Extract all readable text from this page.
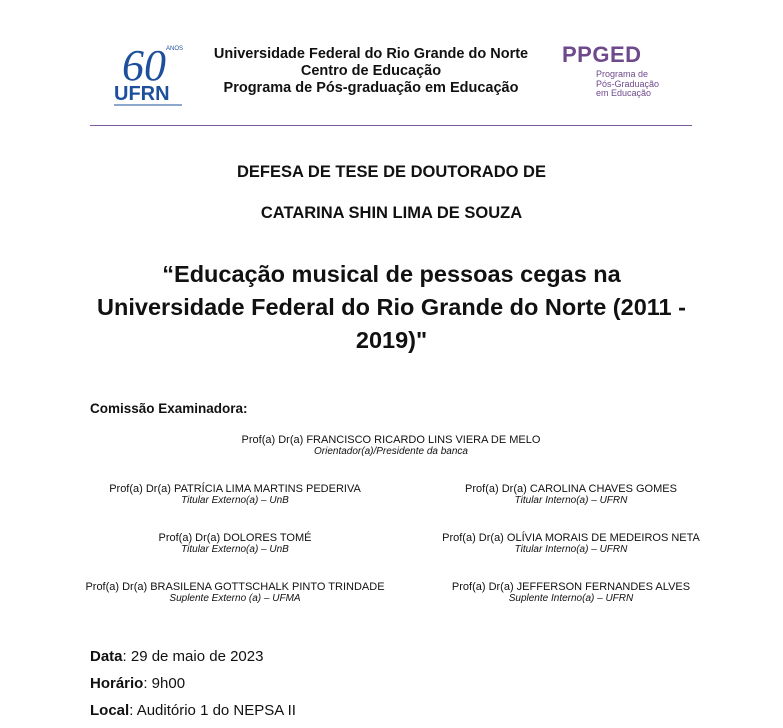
60 ANOS
UFRN
Universidade Federal do Rio Grande do Norte
Centro de Educação
Programa de Pós-graduação em Educação
PPGED
Programa de
Pós-Graduação
em Educação
DEFESA DE TESE DE DOUTORADO DE
CATARINA SHIN LIMA DE SOUZA
“Educação musical de pessoas cegas na
Universidade Federal do Rio Grande do Norte (2011 -
2019)"
Comissão Examinadora:
Prof(a) Dr(a) FRANCISCO RICARDO LINS VIERA DE MELO
Orientador(a)/Presidente da banca
Prof(a) Dr(a) PATRÍCIA LIMA MARTINS PEDERIVA
Titular Externo(a) – UnB
Prof(a) Dr(a) CAROLINA CHAVES GOMES
Titular Interno(a) – UFRN
Prof(a) Dr(a) DOLORES TOMÉ
Titular Externo(a) – UnB
Prof(a) Dr(a) OLÍVIA MORAIS DE MEDEIROS NETA
Titular Interno(a) – UFRN
Prof(a) Dr(a) BRASILENA GOTTSCHALK PINTO TRINDADE
Suplente Externo (a) – UFMA
Prof(a) Dr(a) JEFFERSON FERNANDES ALVES
Suplente Interno(a) – UFRN
Data: 29 de maio de 2023
Horário: 9h00
Local: Auditório 1 do NEPSA II
